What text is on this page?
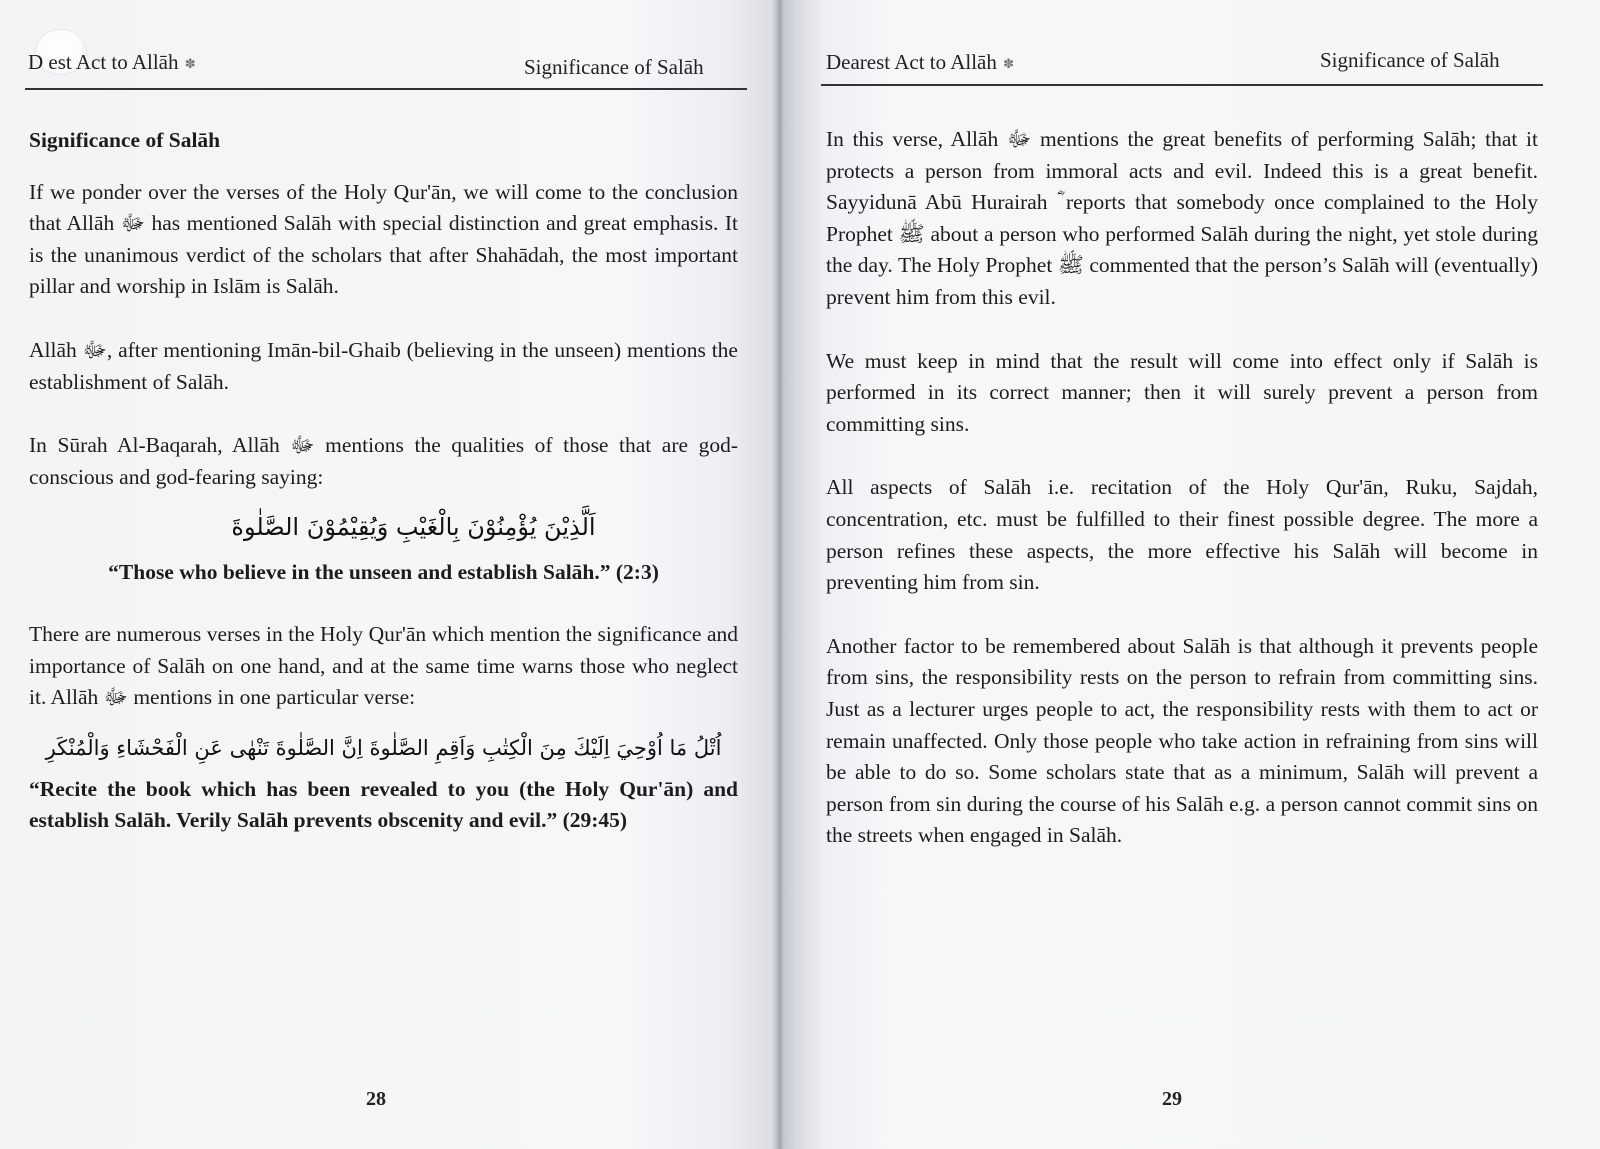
D est Act to Allāh ✽	Significance of Salāh
Significance of Salāh

If we ponder over the verses of the Holy Qur'ān, we will come to the conclusion that Allāh ﷻ has mentioned Salāh with special distinction and great emphasis. It is the unanimous verdict of the scholars that after Shahādah, the most important pillar and worship in Islām is Salāh.

Allāh ﷻ, after mentioning Imān-bil-Ghaib (believing in the unseen) mentions the establishment of Salāh.

In Sūrah Al-Baqarah, Allāh ﷻ mentions the qualities of those that are god-conscious and god-fearing saying:

اَلَّذِيْنَ يُؤْمِنُوْنَ بِالْغَيْبِ وَيُقِيْمُوْنَ الصَّلٰوةَ
“Those who believe in the unseen and establish Salāh.” (2:3)

There are numerous verses in the Holy Qur'ān which mention the significance and importance of Salāh on one hand, and at the same time warns those who neglect it. Allāh ﷻ mentions in one particular verse:

اُتْلُ مَا اُوْحِيَ اِلَيْكَ مِنَ الْكِتٰبِ وَاَقِمِ الصَّلٰوةَ اِنَّ الصَّلٰوةَ تَنْهٰى عَنِ الْفَحْشَاءِ وَالْمُنْكَرِ
“Recite the book which has been revealed to you (the Holy Qur'ān) and establish Salāh. Verily Salāh prevents obscenity and evil.” (29:45)
28
Dearest Act to Allāh ✽	Significance of Salāh

In this verse, Allāh ﷻ mentions the great benefits of performing Salāh; that it protects a person from immoral acts and evil. Indeed this is a great benefit. Sayyidunā Abū Hurairah ؓ reports that somebody once complained to the Holy Prophet ﷺ about a person who performed Salāh during the night, yet stole during the day. The Holy Prophet ﷺ commented that the person’s Salāh will (eventually) prevent him from this evil.

We must keep in mind that the result will come into effect only if Salāh is performed in its correct manner; then it will surely prevent a person from committing sins.

All aspects of Salāh i.e. recitation of the Holy Qur'ān, Ruku, Sajdah, concentration, etc. must be fulfilled to their finest possible degree. The more a person refines these aspects, the more effective his Salāh will become in preventing him from sin.

Another factor to be remembered about Salāh is that although it prevents people from sins, the responsibility rests on the person to refrain from committing sins. Just as a lecturer urges people to act, the responsibility rests with them to act or remain unaffected. Only those people who take action in refraining from sins will be able to do so. Some scholars state that as a minimum, Salāh will prevent a person from sin during the course of his Salāh e.g. a person cannot commit sins on the streets when engaged in Salāh.

29
